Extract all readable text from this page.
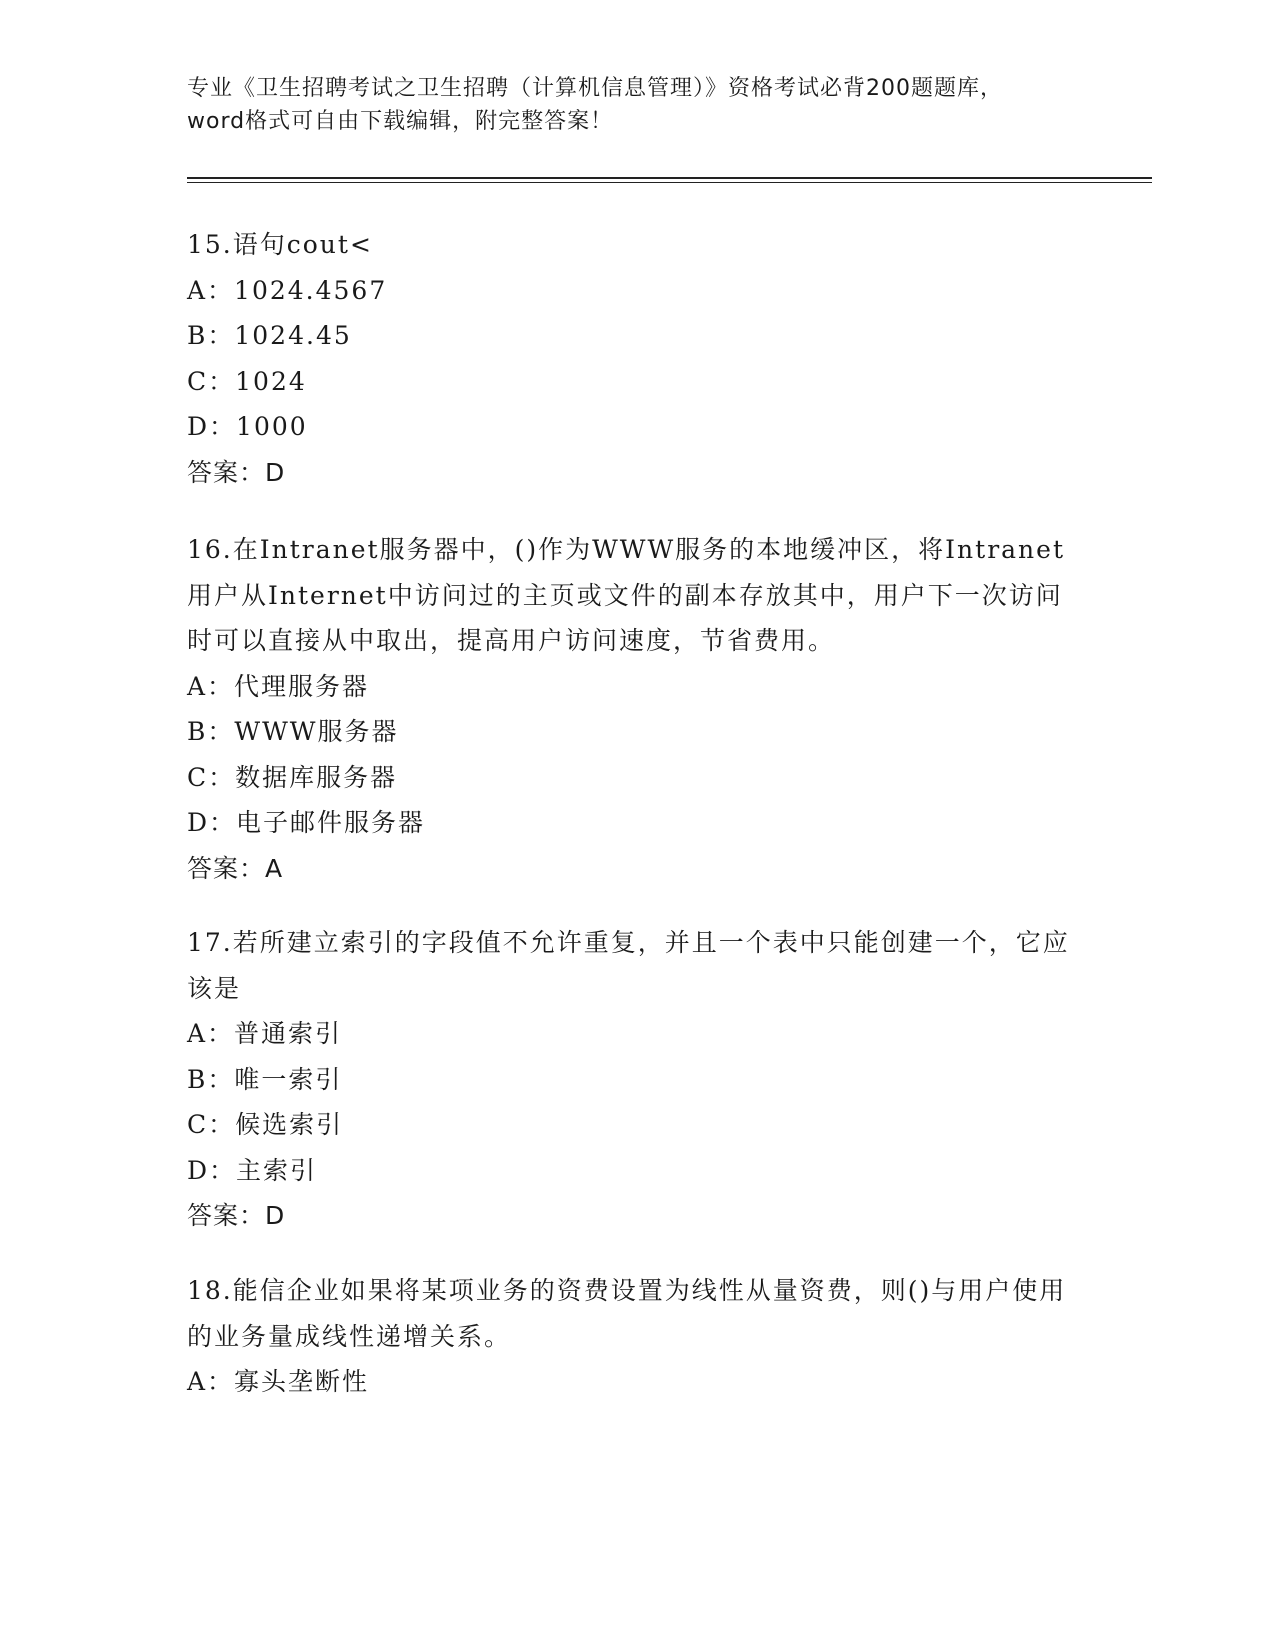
专业《卫生招聘考试之卫生招聘（计算机信息管理）》资格考试必背200题题库，
word格式可自由下载编辑，附完整答案！
15.语句cout<
A：1024.4567
B：1024.45
C：1024
D：1000
答案：D
16.在Intranet服务器中，()作为WWW服务的本地缓冲区，将Intranet用户从Internet中访问过的主页或文件的副本存放其中，用户下一次访问时可以直接从中取出，提高用户访问速度，节省费用。
A：代理服务器
B：WWW服务器
C：数据库服务器
D：电子邮件服务器
答案：A
17.若所建立索引的字段值不允许重复，并且一个表中只能创建一个，它应该是
A：普通索引
B：唯一索引
C：候选索引
D：主索引
答案：D
18.能信企业如果将某项业务的资费设置为线性从量资费，则()与用户使用的业务量成线性递增关系。
A：寡头垄断性
